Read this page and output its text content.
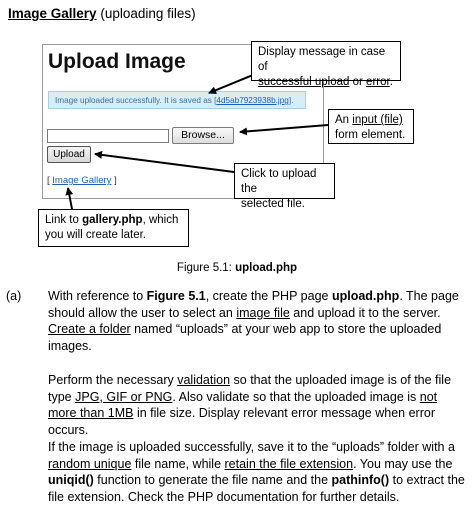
Image Gallery (uploading files)
Upload Image
Image uploaded successfully. It is saved as [4d5ab7923938b.jpg].
Browse...
Upload
[ Image Gallery ]
Display message in case of
successful upload or error.
An input (file)
form element.
Click to upload the
selected file.
Link to gallery.php, which
you will create later.
Figure 5.1: upload.php
(a) With reference to Figure 5.1, create the PHP page upload.php. The page should allow the user to select an image file and upload it to the server. Create a folder named “uploads” at your web app to store the uploaded images.
Perform the necessary validation so that the uploaded image is of the file type JPG, GIF or PNG. Also validate so that the uploaded image is not more than 1MB in file size. Display relevant error message when error occurs.
If the image is uploaded successfully, save it to the “uploads” folder with a random unique file name, while retain the file extension. You may use the uniqid() function to generate the file name and the pathinfo() to extract the file extension. Check the PHP documentation for further details.
